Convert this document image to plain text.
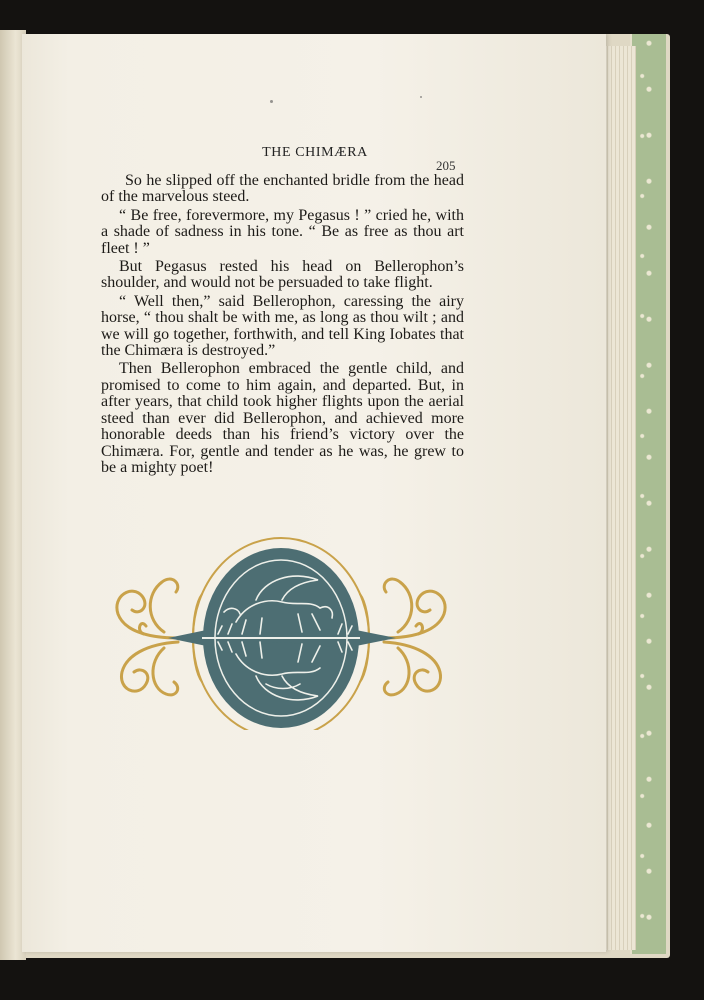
THE CHIMÆRA
205

So he slipped off the enchanted bridle from the head of the marvelous steed.

“ Be free, forevermore, my Pegasus ! ” cried he, with a shade of sadness in his tone. “ Be as free as thou art fleet ! ”

But Pegasus rested his head on Bellerophon’s shoulder, and would not be persuaded to take flight.

“ Well then,” said Bellerophon, caressing the airy horse, “ thou shalt be with me, as long as thou wilt ; and we will go together, forthwith, and tell King Iobates that the Chimæra is destroyed.”

Then Bellerophon embraced the gentle child, and promised to come to him again, and departed. But, in after years, that child took higher flights upon the aerial steed than ever did Bellerophon, and achieved more honorable deeds than his friend’s victory over the Chimæra. For, gentle and tender as he was, he grew to be a mighty poet!
